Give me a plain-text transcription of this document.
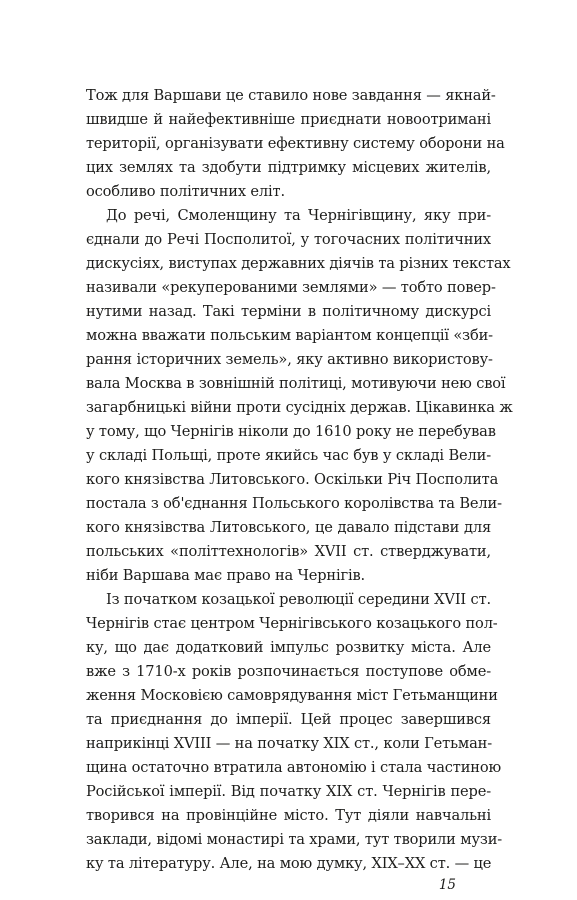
Тож для Варшави це ставило нове завдання — якнай-
швидше й найефективніше приєднати новоотримані
території, організувати ефективну систему оборони на
цих землях та здобути підтримку місцевих жителів,
особливо політичних еліт.
До речі, Смоленщину та Чернігівщину, яку при-
єднали до Речі Посполитої, у тогочасних політичних
дискусіях, виступах державних діячів та різних текстах
називали «рекуперованими землями» — тобто повер-
нутими назад. Такі терміни в політичному дискурсі
можна вважати польським варіантом концепції «зби-
рання історичних земель», яку активно використову-
вала Москва в зовнішній політиці, мотивуючи нею свої
загарбницькі війни проти сусідніх держав. Цікавинка ж
у тому, що Чернігів ніколи до 1610 року не перебував
у складі Польщі, проте якийсь час був у складі Вели-
кого князівства Литовського. Оскільки Річ Посполита
постала з об'єднання Польського королівства та Вели-
кого князівства Литовського, це давало підстави для
польських «політтехнологів» XVII ст. стверджувати,
ніби Варшава має право на Чернігів.
Із початком козацької революції середини XVII ст.
Чернігів стає центром Чернігівського козацького пол-
ку, що дає додатковий імпульс розвитку міста. Але
вже з 1710-х років розпочинається поступове обме-
ження Московією самоврядування міст Гетьманщини
та приєднання до імперії. Цей процес завершився
наприкінці XVIII — на початку XIX ст., коли Гетьман-
щина остаточно втратила автономію і стала частиною
Російської імперії. Від початку XIX ст. Чернігів пере-
творився на провінційне місто. Тут діяли навчальні
заклади, відомі монастирі та храми, тут творили музи-
ку та літературу. Але, на мою думку, XIX–XX ст. — це
15
